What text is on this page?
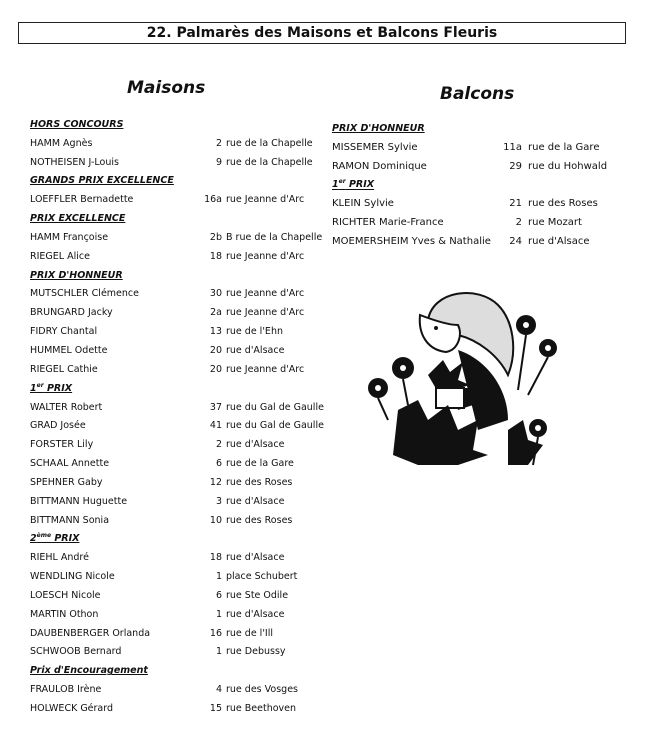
22. Palmarès des Maisons et Balcons Fleuris
Maisons	Balcons
HORS CONCOURS
HAMM Agnès	2 rue de la Chapelle
NOTHEISEN J-Louis	9 rue de la Chapelle
GRANDS PRIX EXCELLENCE
LOEFFLER Bernadette	16a rue Jeanne d'Arc
PRIX EXCELLENCE
HAMM Françoise	2b B rue de la Chapelle
RIEGEL Alice	18 rue Jeanne d'Arc
PRIX D'HONNEUR
MUTSCHLER Clémence	30 rue Jeanne d'Arc
BRUNGARD Jacky	2a rue Jeanne d'Arc
FIDRY Chantal	13 rue de l'Ehn
HUMMEL Odette	20 rue d'Alsace
RIEGEL Cathie	20 rue Jeanne d'Arc
1er PRIX
WALTER Robert	37 rue du Gal de Gaulle
GRAD Josée	41 rue du Gal de Gaulle
FORSTER Lily	2 rue d'Alsace
SCHAAL Annette	6 rue de la Gare
SPEHNER Gaby	12 rue des Roses
BITTMANN Huguette	3 rue d'Alsace
BITTMANN Sonia	10 rue des Roses
2ème PRIX
RIEHL André	18 rue d'Alsace
WENDLING Nicole	1 place Schubert
LOESCH Nicole	6 rue Ste Odile
MARTIN Othon	1 rue d'Alsace
DAUBENBERGER Orlanda	16 rue de l'Ill
SCHWOOB Bernard	1 rue Debussy
Prix d'Encouragement
FRAULOB Irène	4 rue des Vosges
HOLWECK Gérard	15 rue Beethoven
PRIX D'HONNEUR
MISSEMER Sylvie	11a rue de la Gare
RAMON Dominique	29 rue du Hohwald
1er PRIX
KLEIN Sylvie	21 rue des Roses
RICHTER Marie-France	2 rue Mozart
MOEMERSHEIM Yves & Nathalie	24 rue d'Alsace
